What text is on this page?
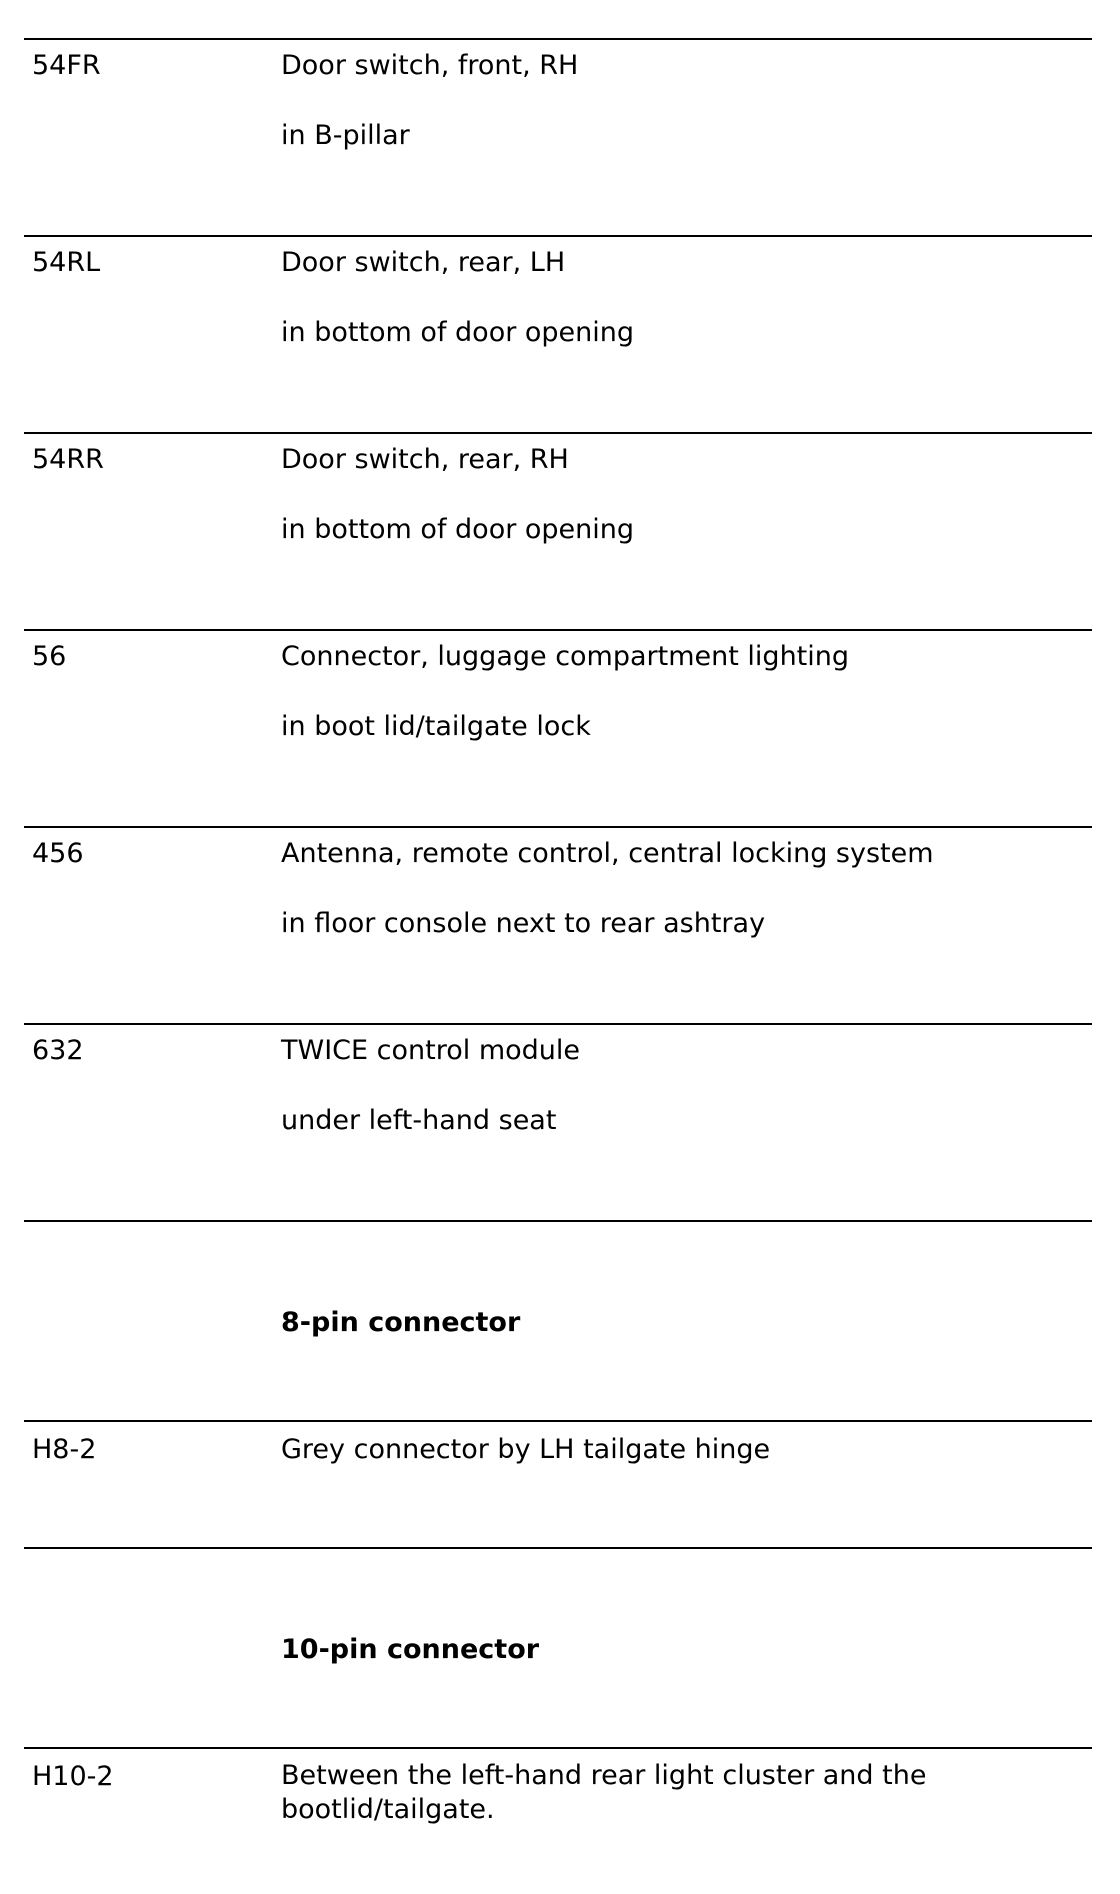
54FR	Door switch, front, RH
in B-pillar
54RL	Door switch, rear, LH
in bottom of door opening
54RR	Door switch, rear, RH
in bottom of door opening
56	Connector, luggage compartment lighting
in boot lid/tailgate lock
456	Antenna, remote control, central locking system
in floor console next to rear ashtray
632	TWICE control module
under left-hand seat
8-pin connector
H8-2	Grey connector by LH tailgate hinge
10-pin connector
H10-2	Between the left-hand rear light cluster and the bootlid/tailgate.
